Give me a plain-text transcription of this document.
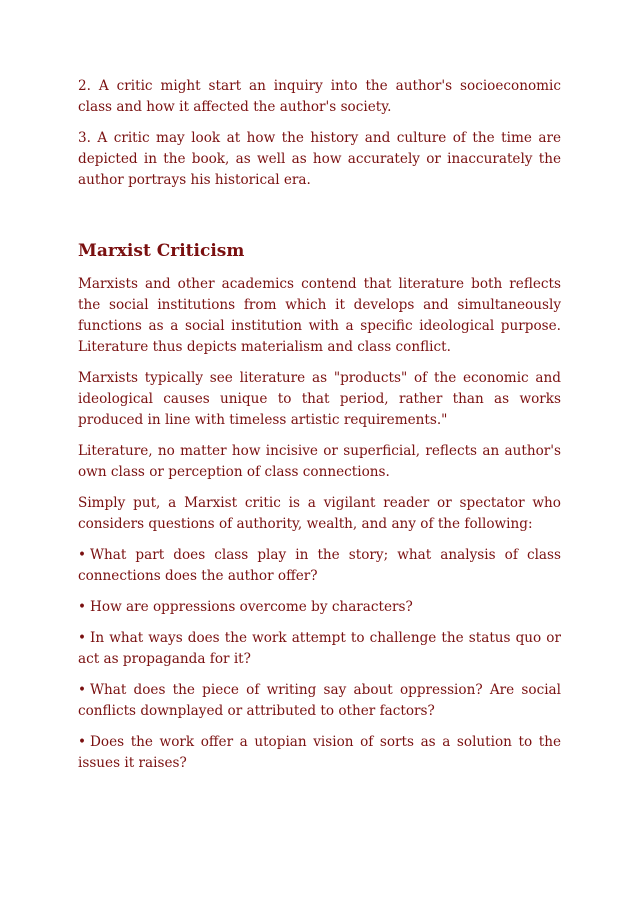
2. A critic might start an inquiry into the author's socioeconomic class and how it affected the author's society.

3. A critic may look at how the history and culture of the time are depicted in the book, as well as how accurately or inaccurately the author portrays his historical era.

Marxist Criticism

Marxists and other academics contend that literature both reflects the social institutions from which it develops and simultaneously functions as a social institution with a specific ideological purpose. Literature thus depicts materialism and class conflict.

Marxists typically see literature as "products" of the economic and ideological causes unique to that period, rather than as works produced in line with timeless artistic requirements."

Literature, no matter how incisive or superficial, reflects an author's own class or perception of class connections.

Simply put, a Marxist critic is a vigilant reader or spectator who considers questions of authority, wealth, and any of the following:

• What part does class play in the story; what analysis of class connections does the author offer?

• How are oppressions overcome by characters?

• In what ways does the work attempt to challenge the status quo or act as propaganda for it?

• What does the piece of writing say about oppression? Are social conflicts downplayed or attributed to other factors?

• Does the work offer a utopian vision of sorts as a solution to the issues it raises?
